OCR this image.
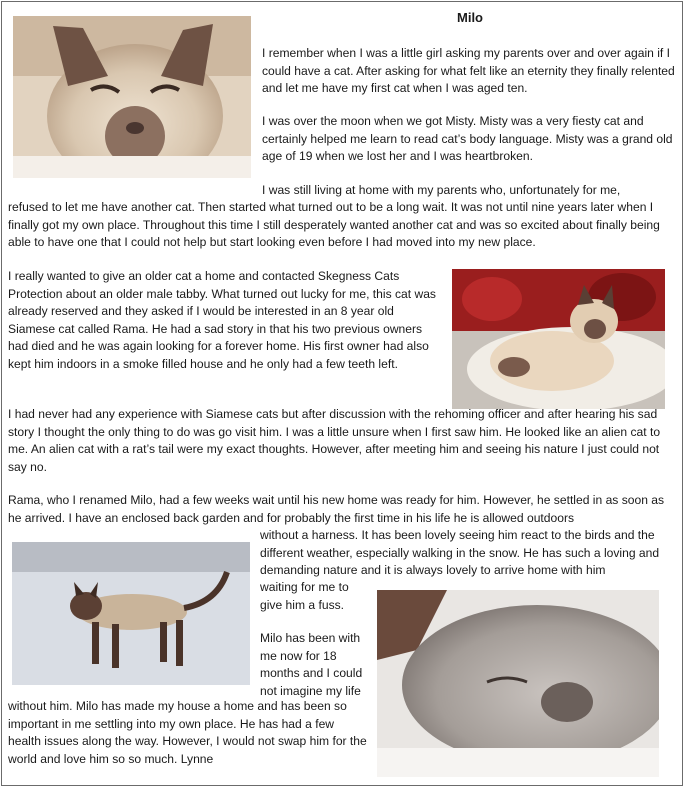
Milo

I remember when I was a little girl asking my parents over and over again if I could have a cat. After asking for what felt like an eternity they finally relented and let me have my first cat when I was aged ten.

I was over the moon when we got Misty. Misty was a very fiesty cat and certainly helped me learn to read cat’s body language. Misty was a grand old age of 19 when we lost her and I was heartbroken.

I was still living at home with my parents who, unfortunately for me,

refused to let me have another cat. Then started what turned out to be a long wait. It was not until nine years later when I finally got my own place. Throughout this time I still desperately wanted another cat and was so excited about finally being able to have one that I could not help but start looking even before I had moved into my new place.

I really wanted to give an older cat a home and contacted Skegness Cats Protection about an older male tabby. What turned out lucky for me, this cat was already reserved and they asked if I would be interested in an 8 year old Siamese cat called Rama. He had a sad story in that his two previous owners had died and he was again looking for a forever home. His first owner had also kept him indoors in a smoke filled house and he only had a few teeth left.

I had never had any experience with Siamese cats but after discussion with the rehoming officer and after hearing his sad story I thought the only thing to do was go visit him. I was a little unsure when I first saw him. He looked like an alien cat to me. An alien cat with a rat’s tail were my exact thoughts. However, after meeting him and seeing his nature I just could not say no.

Rama, who I renamed Milo, had a few weeks wait until his new home was ready for him. However, he settled in as soon as he arrived. I have an enclosed back garden and for probably the first time in his life he is allowed outdoors

without a harness. It has been lovely seeing him react to the birds and the different weather, especially walking in the snow. He has such a loving and demanding nature and it is always lovely to arrive home with him

waiting for me to give him a fuss.

Milo has been with me now for 18 months and I could not imagine my life

without him. Milo has made my house a home and has been so important in me settling into my own place. He has had a few health issues along the way. However, I would not swap him for the world and love him so so much. Lynne
